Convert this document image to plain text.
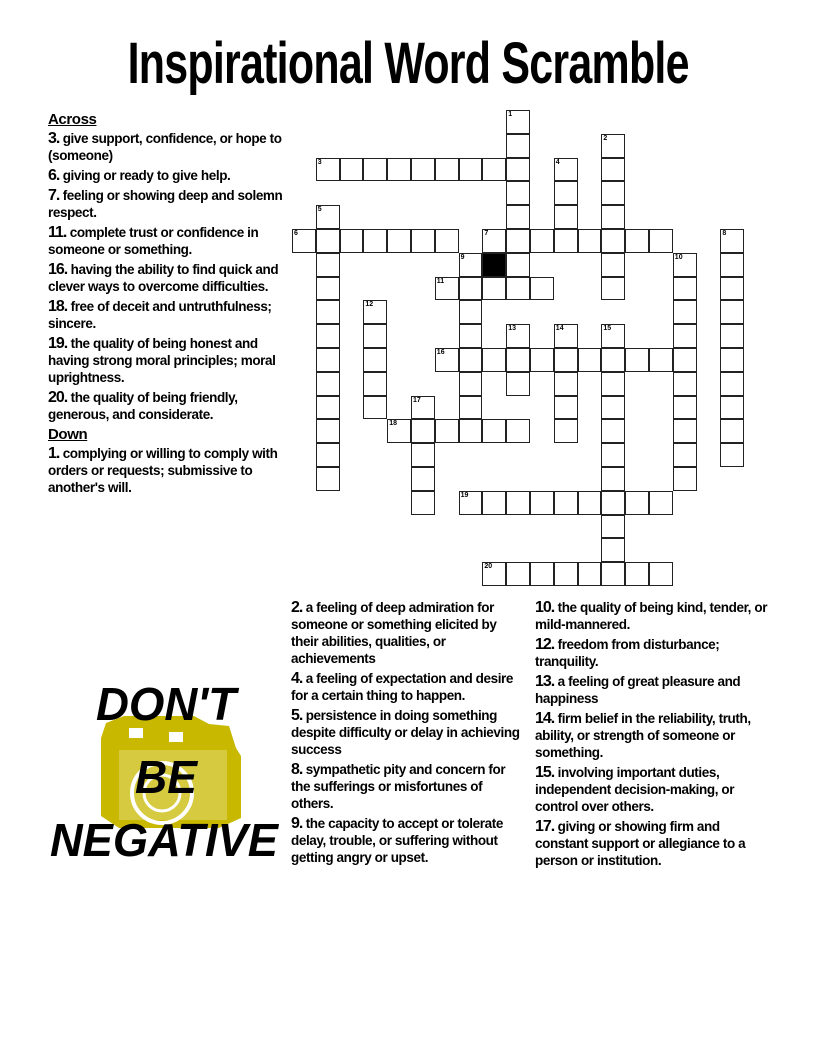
Inspirational Word Scramble
Across
3. give support, confidence, or hope to (someone)
6. giving or ready to give help.
7. feeling or showing deep and solemn respect.
11. complete trust or confidence in someone or something.
16. having the ability to find quick and clever ways to overcome difficulties.
18. free of deceit and untruthfulness; sincere.
19. the quality of being honest and having strong moral principles; moral uprightness.
20. the quality of being friendly, generous, and considerate.
Down
1. complying or willing to comply with orders or requests; submissive to another's will.
2. a feeling of deep admiration for someone or something elicited by their abilities, qualities, or achievements
4. a feeling of expectation and desire for a certain thing to happen.
5. persistence in doing something despite difficulty or delay in achieving success
8. sympathetic pity and concern for the sufferings or misfortunes of others.
9. the capacity to accept or tolerate delay, trouble, or suffering without getting angry or upset.
10. the quality of being kind, tender, or mild-mannered.
12. freedom from disturbance; tranquility.
13. a feeling of great pleasure and happiness
14. firm belief in the reliability, truth, ability, or strength of someone or something.
15. involving important duties, independent decision-making, or control over others.
17. giving or showing firm and constant support or allegiance to a person or institution.
1
2
3	4
5
6	7	8
9	10
11
12
13	14	15
16
17
18
19
20
DON'T
BE
NEGATIVE
